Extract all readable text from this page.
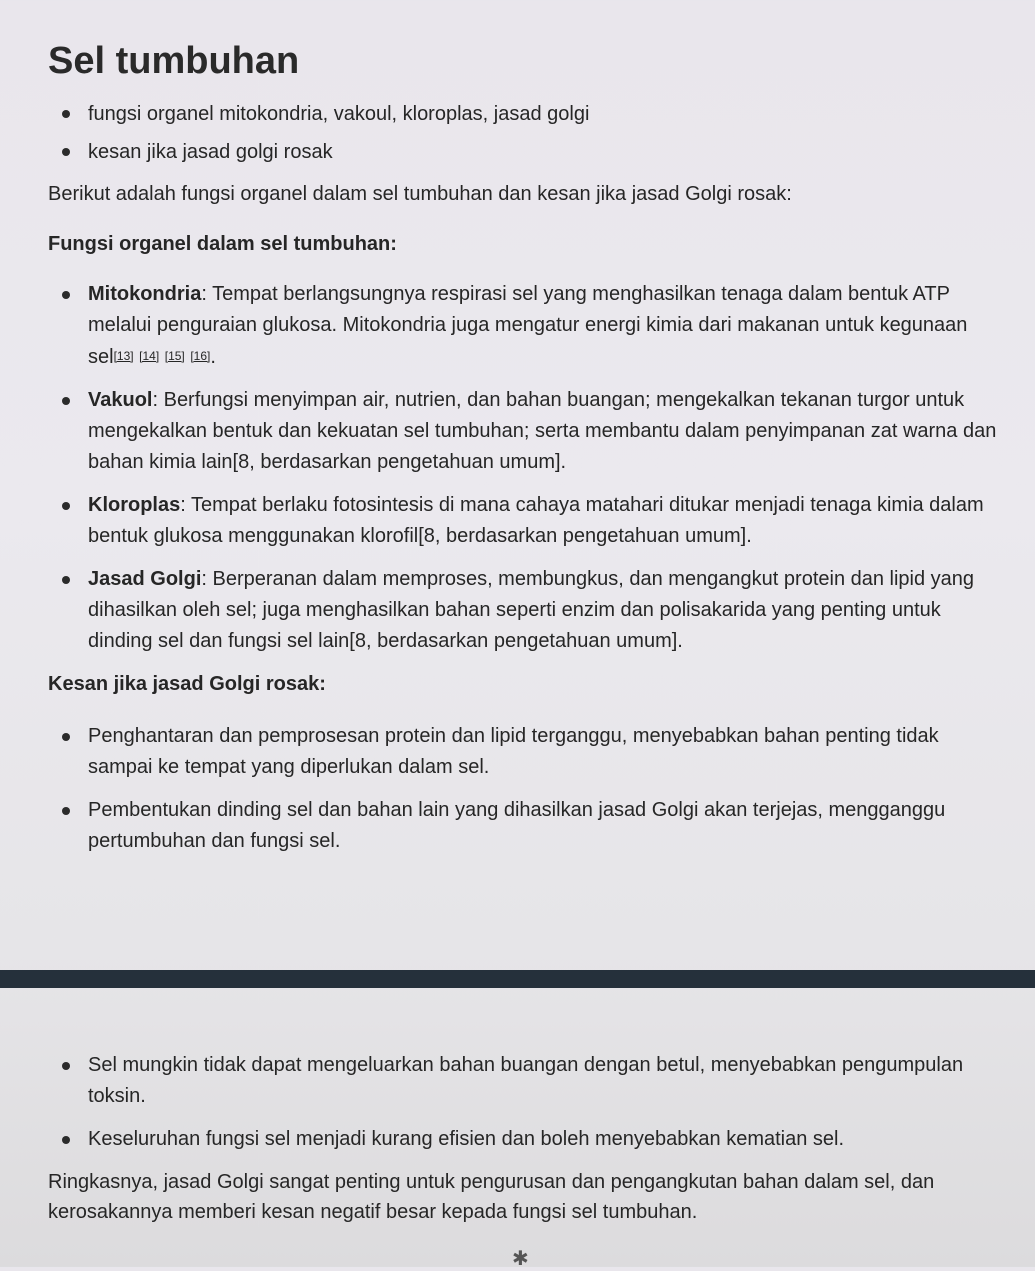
Sel tumbuhan
fungsi organel mitokondria, vakoul, kloroplas, jasad golgi
kesan jika jasad golgi rosak

Berikut adalah fungsi organel dalam sel tumbuhan dan kesan jika jasad Golgi rosak:

Fungsi organel dalam sel tumbuhan:
Mitokondria: Tempat berlangsungnya respirasi sel yang menghasilkan tenaga dalam bentuk ATP melalui penguraian glukosa. Mitokondria juga mengatur energi kimia dari makanan untuk kegunaan sel[13] [14] [15] [16].
Vakuol: Berfungsi menyimpan air, nutrien, dan bahan buangan; mengekalkan tekanan turgor untuk mengekalkan bentuk dan kekuatan sel tumbuhan; serta membantu dalam penyimpanan zat warna dan bahan kimia lain[8, berdasarkan pengetahuan umum].
Kloroplas: Tempat berlaku fotosintesis di mana cahaya matahari ditukar menjadi tenaga kimia dalam bentuk glukosa menggunakan klorofil[8, berdasarkan pengetahuan umum].
Jasad Golgi: Berperanan dalam memproses, membungkus, dan mengangkut protein dan lipid yang dihasilkan oleh sel; juga menghasilkan bahan seperti enzim dan polisakarida yang penting untuk dinding sel dan fungsi sel lain[8, berdasarkan pengetahuan umum].
Kesan jika jasad Golgi rosak:
Penghantaran dan pemprosesan protein dan lipid terganggu, menyebabkan bahan penting tidak sampai ke tempat yang diperlukan dalam sel.
Pembentukan dinding sel dan bahan lain yang dihasilkan jasad Golgi akan terjejas, mengganggu pertumbuhan dan fungsi sel.
Sel mungkin tidak dapat mengeluarkan bahan buangan dengan betul, menyebabkan pengumpulan toksin.
Keseluruhan fungsi sel menjadi kurang efisien dan boleh menyebabkan kematian sel.

Ringkasnya, jasad Golgi sangat penting untuk pengurusan dan pengangkutan bahan dalam sel, dan kerosakannya memberi kesan negatif besar kepada fungsi sel tumbuhan.

✱
